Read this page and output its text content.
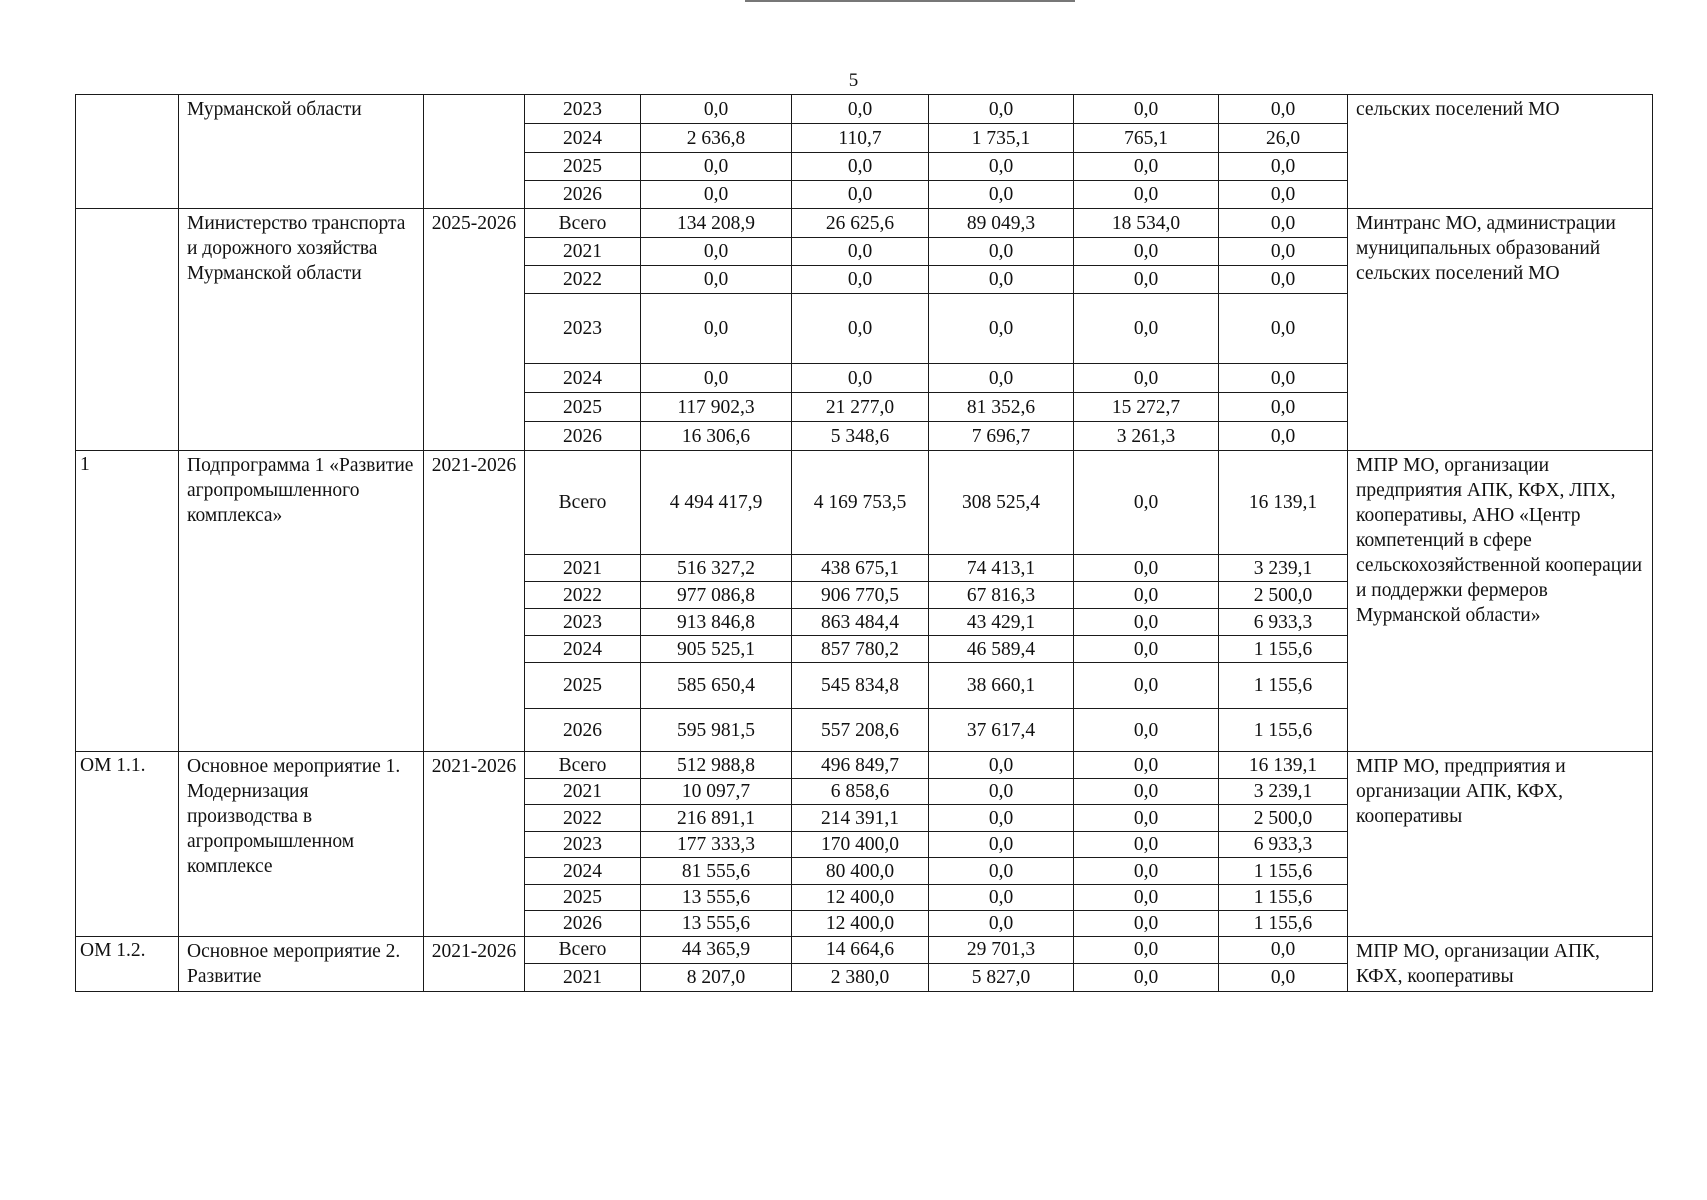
5
	Мурманской области		2023	0,0	0,0	0,0	0,0	0,0	сельских поселений МО
			2024	2 636,8	110,7	1 735,1	765,1	26,0	
			2025	0,0	0,0	0,0	0,0	0,0	
			2026	0,0	0,0	0,0	0,0	0,0	
	Министерство транспорта и дорожного хозяйства Мурманской области	2025-2026	Всего	134 208,9	26 625,6	89 049,3	18 534,0	0,0	Минтранс МО, администрации муниципальных образований сельских поселений МО
			2021	0,0	0,0	0,0	0,0	0,0	
			2022	0,0	0,0	0,0	0,0	0,0	
			2023	0,0	0,0	0,0	0,0	0,0	
			2024	0,0	0,0	0,0	0,0	0,0	
			2025	117 902,3	21 277,0	81 352,6	15 272,7	0,0	
			2026	16 306,6	5 348,6	7 696,7	3 261,3	0,0	
1	Подпрограмма 1 «Развитие агропромышленного комплекса»	2021-2026	Всего	4 494 417,9	4 169 753,5	308 525,4	0,0	16 139,1	МПР МО, организации предприятия АПК, КФХ, ЛПХ, кооперативы, АНО «Центр компетенций в сфере сельскохозяйственной кооперации и поддержки фермеров Мурманской области»
			2021	516 327,2	438 675,1	74 413,1	0,0	3 239,1	
			2022	977 086,8	906 770,5	67 816,3	0,0	2 500,0	
			2023	913 846,8	863 484,4	43 429,1	0,0	6 933,3	
			2024	905 525,1	857 780,2	46 589,4	0,0	1 155,6	
			2025	585 650,4	545 834,8	38 660,1	0,0	1 155,6	
			2026	595 981,5	557 208,6	37 617,4	0,0	1 155,6	
ОМ 1.1.	Основное мероприятие 1. Модернизация производства в агропромышленном комплексе	2021-2026	Всего	512 988,8	496 849,7	0,0	0,0	16 139,1	МПР МО, предприятия и организации АПК, КФХ, кооперативы
			2021	10 097,7	6 858,6	0,0	0,0	3 239,1	
			2022	216 891,1	214 391,1	0,0	0,0	2 500,0	
			2023	177 333,3	170 400,0	0,0	0,0	6 933,3	
			2024	81 555,6	80 400,0	0,0	0,0	1 155,6	
			2025	13 555,6	12 400,0	0,0	0,0	1 155,6	
			2026	13 555,6	12 400,0	0,0	0,0	1 155,6	
ОМ 1.2.	Основное мероприятие 2. Развитие	2021-2026	Всего	44 365,9	14 664,6	29 701,3	0,0	0,0	МПР МО, организации АПК, КФХ, кооперативы
			2021	8 207,0	2 380,0	5 827,0	0,0	0,0	
